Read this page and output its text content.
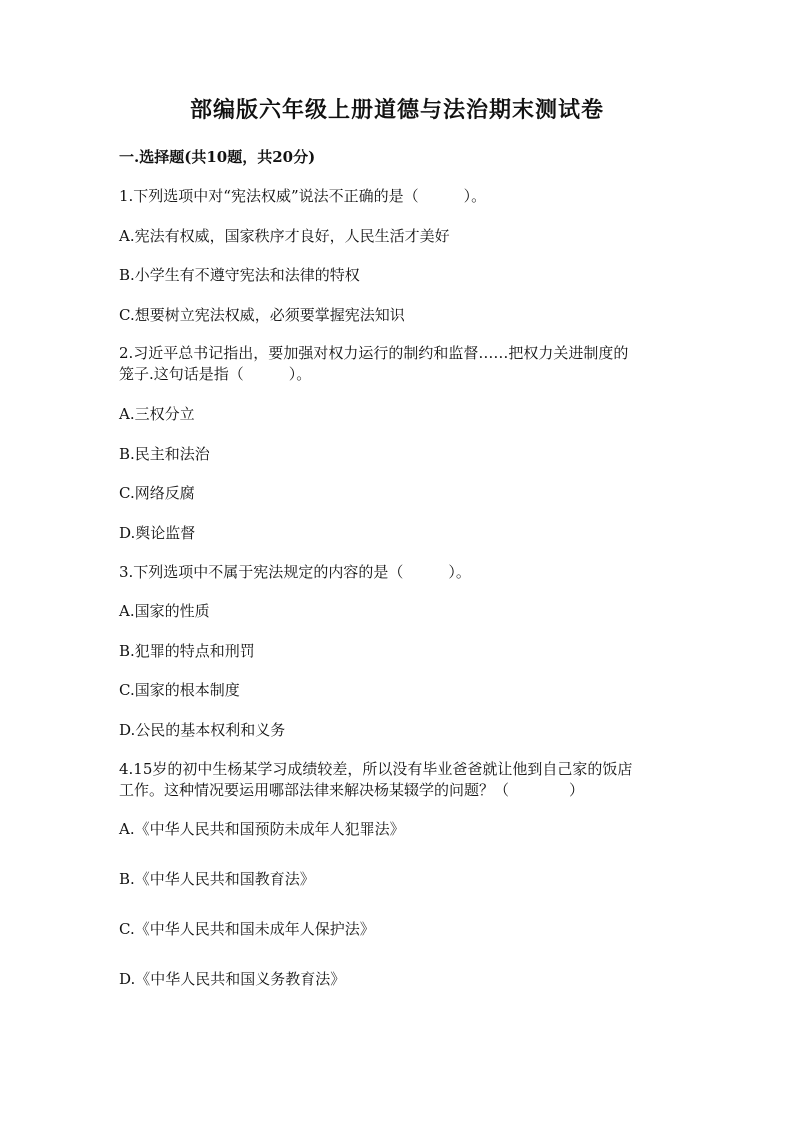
部编版六年级上册道德与法治期末测试卷
一.选择题(共10题，共20分)
1.下列选项中对“宪法权威”说法不正确的是（　　　）。
A.宪法有权威，国家秩序才良好，人民生活才美好
B.小学生有不遵守宪法和法律的特权
C.想要树立宪法权威，必须要掌握宪法知识
2.习近平总书记指出，要加强对权力运行的制约和监督……把权力关进制度的
笼子.这句话是指（　　　）。
A.三权分立
B.民主和法治
C.网络反腐
D.舆论监督
3.下列选项中不属于宪法规定的内容的是（　　　）。
A.国家的性质
B.犯罪的特点和刑罚
C.国家的根本制度
D.公民的基本权利和义务
4.15岁的初中生杨某学习成绩较差，所以没有毕业爸爸就让他到自己家的饭店
工作。这种情况要运用哪部法律来解决杨某辍学的问题？（　　　　）
A.《中华人民共和国预防未成年人犯罪法》
B.《中华人民共和国教育法》
C.《中华人民共和国未成年人保护法》
D.《中华人民共和国义务教育法》
